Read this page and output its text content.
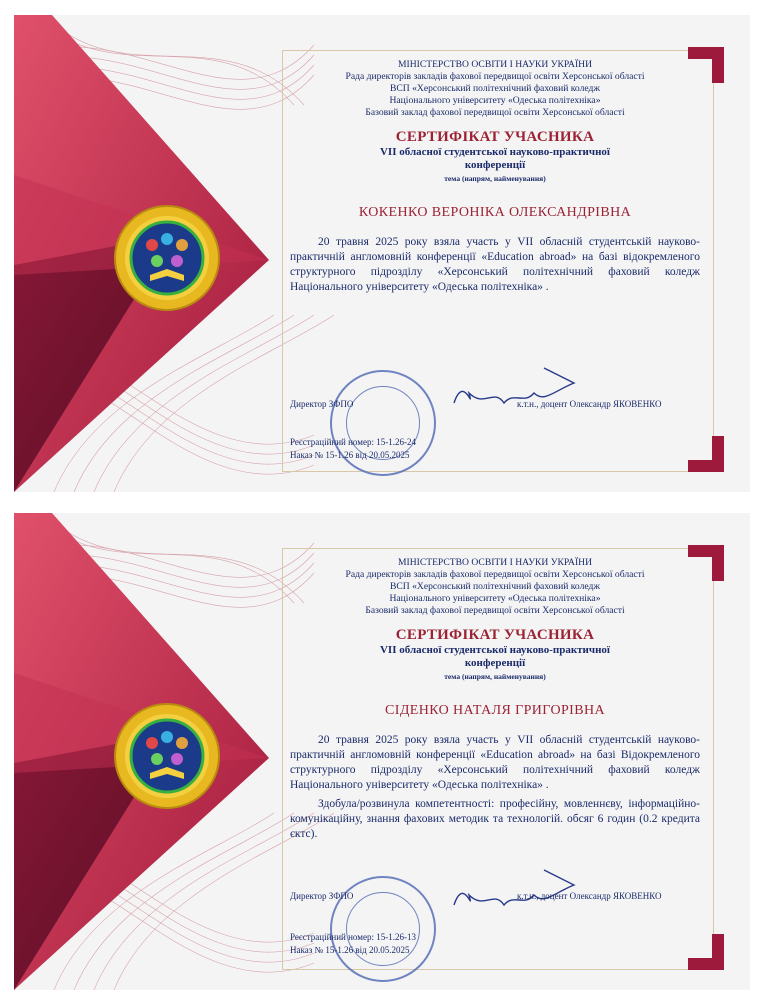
МІНІСТЕРСТВО ОСВІТИ І НАУКИ УКРАЇНИ
Рада директорів закладів фахової передвищої освіти Херсонської області
ВСП «Херсонський політехнічний фаховий коледж
Національного університету «Одеська політехніка»
Базовий заклад фахової передвищої освіти Херсонської області
СЕРТИФІКАТ УЧАСНИКА
VII обласної студентської науково-практичної
конференції
тема (напрям, найменування)
КОКЕНКО ВЕРОНІКА ОЛЕКСАНДРІВНА
20 травня 2025 року взяла участь у VII обласній студентській науково-практичній англомовній конференції «Education abroad» на базі відокремленого структурного підрозділу «Херсонський політехнічний фаховий коледж Національного університету «Одеська політехніка» .
Директор ЗФПО	к.т.н., доцент Олександр ЯКОВЕНКО
Реєстраційний номер: 15-1.26-24
Наказ № 15-1.26 від 20.05.2025
МІНІСТЕРСТВО ОСВІТИ І НАУКИ УКРАЇНИ
Рада директорів закладів фахової передвищої освіти Херсонської області
ВСП «Херсонський політехнічний фаховий коледж
Національного університету «Одеська політехніка»
Базовий заклад фахової передвищої освіти Херсонської області
СЕРТИФІКАТ УЧАСНИКА
VII обласної студентської науково-практичної
конференції
тема (напрям, найменування)
СІДЕНКО НАТАЛЯ ГРИГОРІВНА
20 травня 2025 року взяла участь у VII обласній студентській науково-практичній англомовній конференції «Education abroad» на базі Відокремленого структурного підрозділу «Херсонський політехнічний фаховий коледж Національного університету «Одеська політехніка» .
Здобула/розвинула компетентності: професійну, мовленнєву, інформаційно-комунікаційну, знання фахових методик та технологій. обсяг 6 годин (0.2 кредита єктс).
Директор ЗФПО	к.т.н., доцент Олександр ЯКОВЕНКО
Реєстраційний номер: 15-1.26-13
Наказ № 15-1.26 від 20.05.2025
